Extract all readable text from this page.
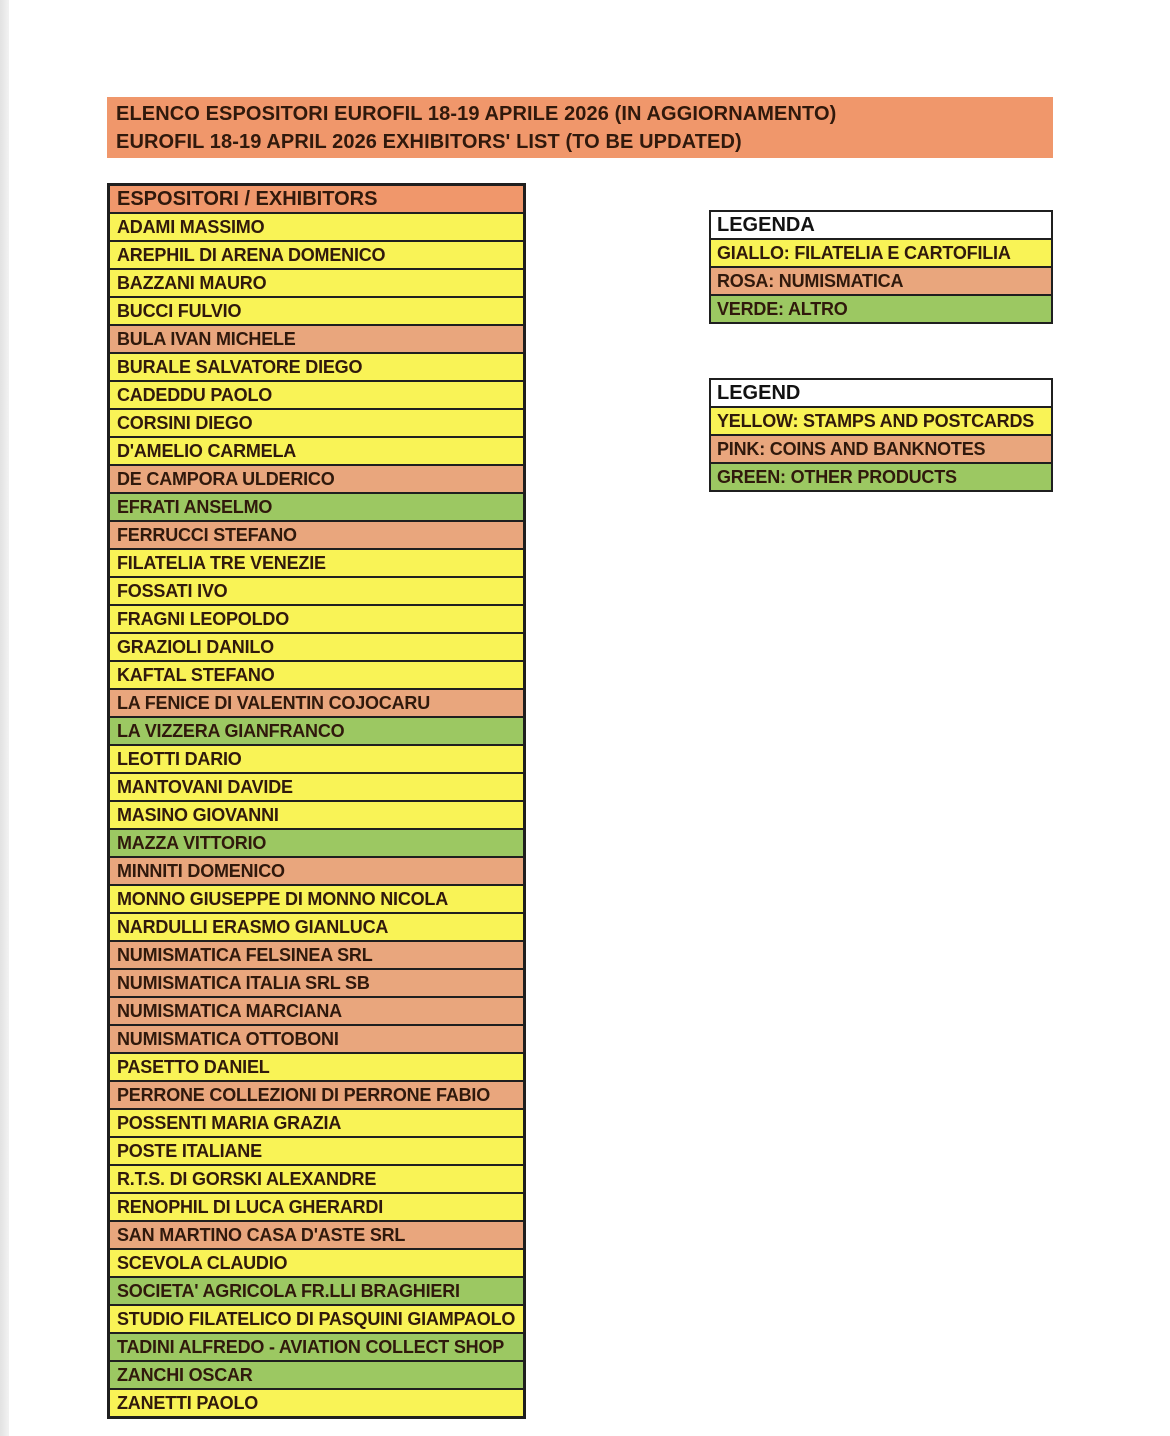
ELENCO ESPOSITORI EUROFIL 18-19 APRILE 2026 (IN AGGIORNAMENTO)
EUROFIL 18-19 APRIL 2026 EXHIBITORS' LIST (TO BE UPDATED)
ESPOSITORI / EXHIBITORS
ADAMI MASSIMO
AREPHIL DI ARENA DOMENICO
BAZZANI MAURO
BUCCI FULVIO
BULA IVAN MICHELE
BURALE SALVATORE DIEGO
CADEDDU PAOLO
CORSINI DIEGO
D'AMELIO CARMELA
DE CAMPORA ULDERICO
EFRATI ANSELMO
FERRUCCI STEFANO
FILATELIA TRE VENEZIE
FOSSATI IVO
FRAGNI LEOPOLDO
GRAZIOLI DANILO
KAFTAL STEFANO
LA FENICE DI VALENTIN COJOCARU
LA VIZZERA GIANFRANCO
LEOTTI DARIO
MANTOVANI DAVIDE
MASINO GIOVANNI
MAZZA VITTORIO
MINNITI DOMENICO
MONNO GIUSEPPE DI MONNO NICOLA
NARDULLI ERASMO GIANLUCA
NUMISMATICA FELSINEA SRL
NUMISMATICA ITALIA SRL SB
NUMISMATICA MARCIANA
NUMISMATICA OTTOBONI
PASETTO DANIEL
PERRONE COLLEZIONI DI PERRONE FABIO
POSSENTI MARIA GRAZIA
POSTE ITALIANE
R.T.S. DI GORSKI ALEXANDRE
RENOPHIL DI LUCA GHERARDI
SAN MARTINO CASA D'ASTE SRL
SCEVOLA CLAUDIO
SOCIETA' AGRICOLA FR.LLI BRAGHIERI
STUDIO FILATELICO DI PASQUINI GIAMPAOLO
TADINI ALFREDO - AVIATION COLLECT SHOP
ZANCHI OSCAR
ZANETTI PAOLO
LEGENDA
GIALLO: FILATELIA E CARTOFILIA
ROSA: NUMISMATICA
VERDE: ALTRO
LEGEND
YELLOW: STAMPS AND POSTCARDS
PINK: COINS AND BANKNOTES
GREEN: OTHER PRODUCTS
